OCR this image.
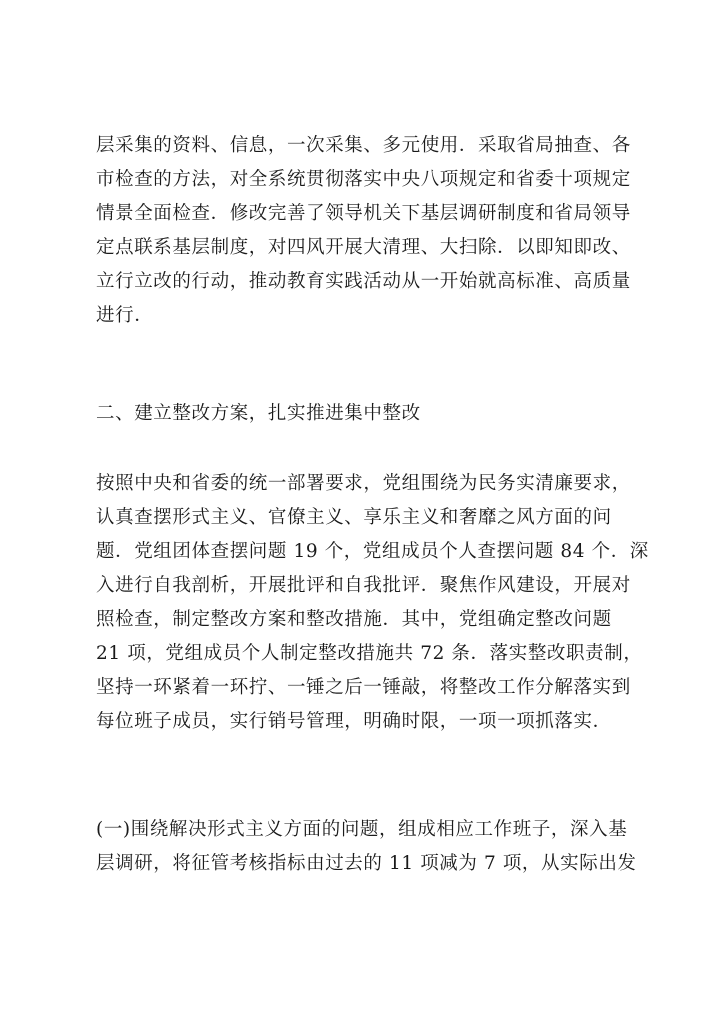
层采集的资料、信息，一次采集、多元使用．采取省局抽查、各
市检查的方法，对全系统贯彻落实中央八项规定和省委十项规定
情景全面检查．修改完善了领导机关下基层调研制度和省局领导
定点联系基层制度，对四风开展大清理、大扫除．以即知即改、
立行立改的行动，推动教育实践活动从一开始就高标准、高质量
进行．
二、建立整改方案，扎实推进集中整改
按照中央和省委的统一部署要求，党组围绕为民务实清廉要求，
认真查摆形式主义、官僚主义、享乐主义和奢靡之风方面的问
题．党组团体查摆问题 19 个，党组成员个人查摆问题 84 个．深
入进行自我剖析，开展批评和自我批评．聚焦作风建设，开展对
照检查，制定整改方案和整改措施．其中，党组确定整改问题
21 项，党组成员个人制定整改措施共 72 条．落实整改职责制，
坚持一环紧着一环拧、一锤之后一锤敲，将整改工作分解落实到
每位班子成员，实行销号管理，明确时限，一项一项抓落实．
(一)围绕解决形式主义方面的问题，组成相应工作班子，深入基
层调研，将征管考核指标由过去的 11 项减为 7 项，从实际出发
